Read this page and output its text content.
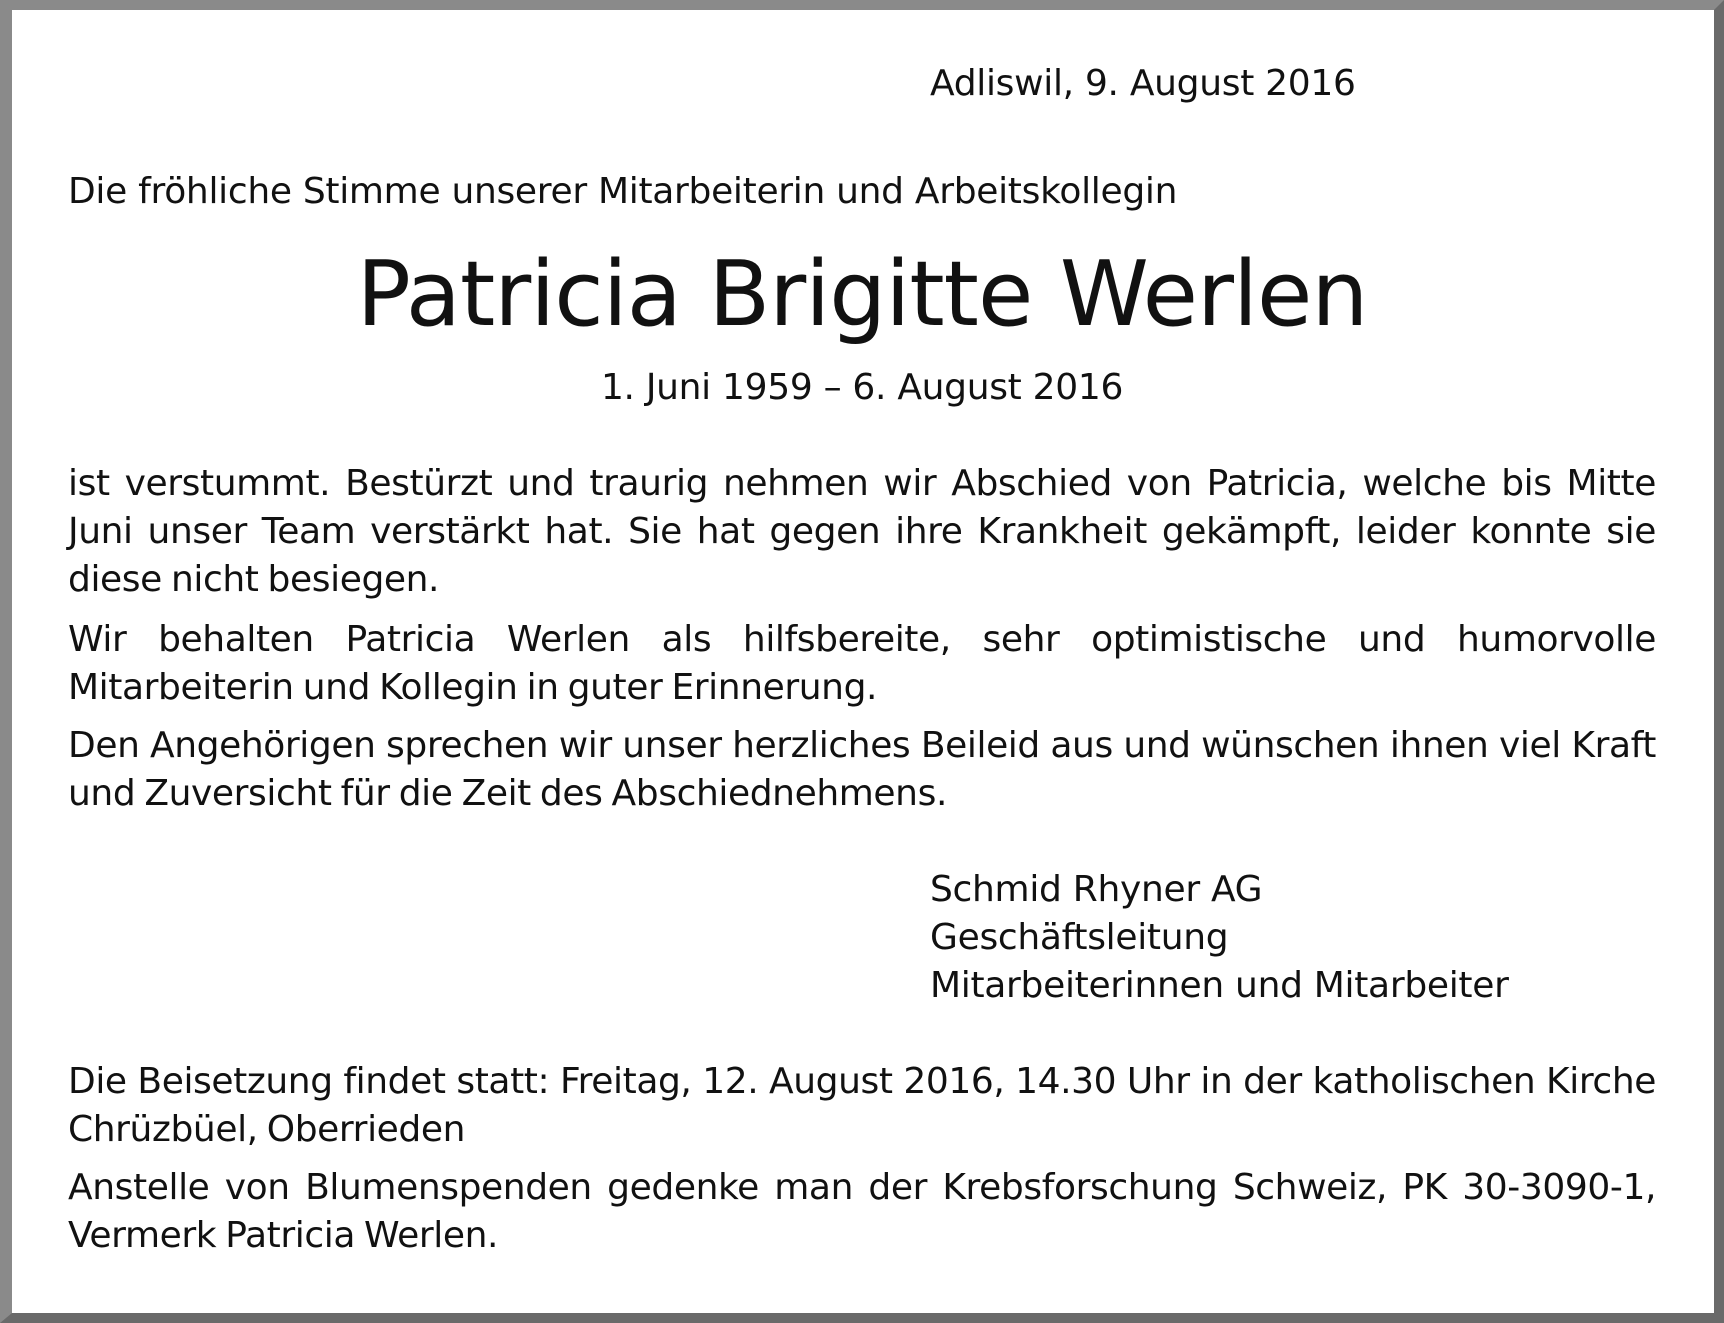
Adliswil, 9. August 2016
Die fröhliche Stimme unserer Mitarbeiterin und Arbeitskollegin
Patricia Brigitte Werlen
1. Juni 1959 – 6. August 2016
ist verstummt. Bestürzt und traurig nehmen wir Abschied von Patricia, welche bis Mitte Juni unser Team verstärkt hat. Sie hat gegen ihre Krankheit gekämpft, leider konnte sie diese nicht besiegen.
Wir behalten Patricia Werlen als hilfsbereite, sehr optimistische und humorvolle Mitarbeiterin und Kollegin in guter Erinnerung.
Den Angehörigen sprechen wir unser herzliches Beileid aus und wünschen ihnen viel Kraft und Zuversicht für die Zeit des Abschiednehmens.
Schmid Rhyner AG
Geschäftsleitung
Mitarbeiterinnen und Mitarbeiter
Die Beisetzung findet statt: Freitag, 12. August 2016, 14.30 Uhr in der katholischen Kirche Chrüzbüel, Oberrieden
Anstelle von Blumenspenden gedenke man der Krebsforschung Schweiz, PK 30-3090-1, Vermerk Patricia Werlen.
